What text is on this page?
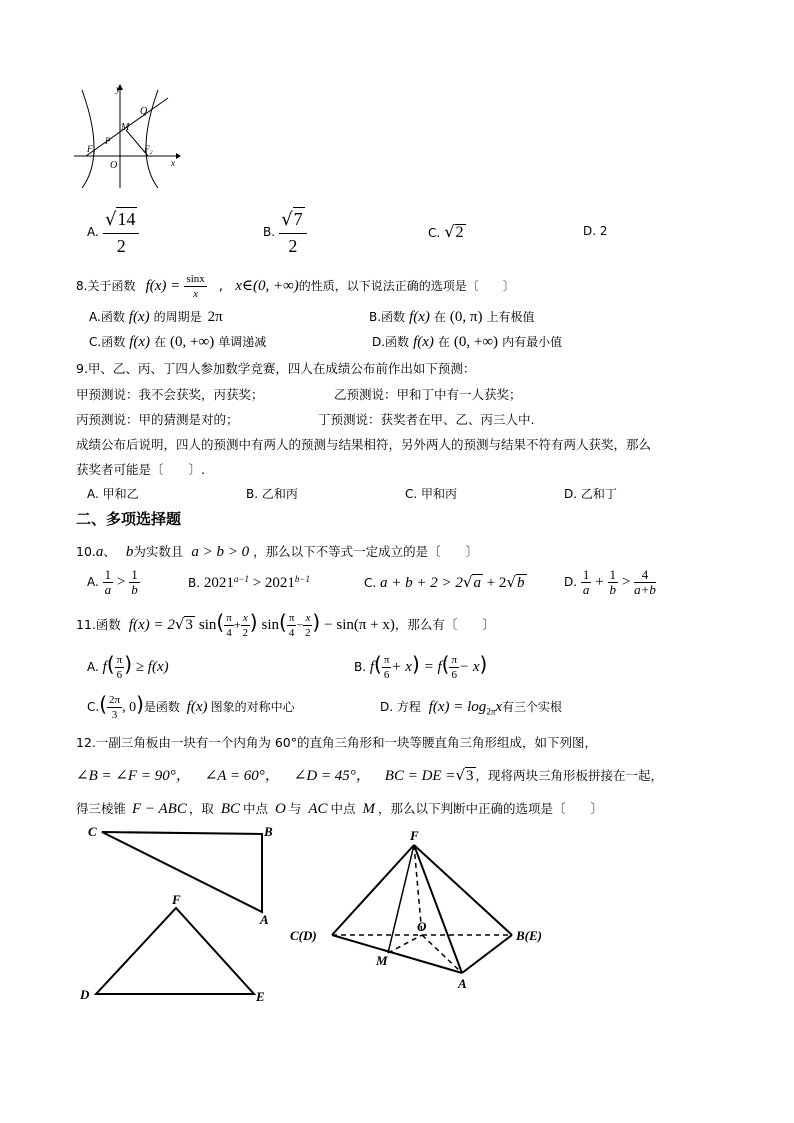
y
x
O
M
Q
P
F₁	F₂
A. $\frac{√14}{2}$	B. $\frac{√7}{2}$	C. √2	D. 2
8.关于函数 $f(x) = \frac{\sin x}{x}$ , x∈(0, +∞)的性质，以下说法正确的选项是〔　　〕
A.函数 f(x) 的周期是 2π	B.函数 f(x) 在 (0, π) 上有极值
C.函数 f(x) 在 (0, +∞) 单调递减	D.函数 f(x) 在 (0, +∞) 内有最小值
9.甲、乙、丙、丁四人参加数学竞赛，四人在成绩公布前作出如下预测：
甲预测说：我不会获奖，丙获奖；	乙预测说：甲和丁中有一人获奖；
丙预测说：甲的猜测是对的；	丁预测说：获奖者在甲、乙、丙三人中.
成绩公布后说明，四人的预测中有两人的预测与结果相符，另外两人的预测与结果不符有两人获奖，那么
获奖者可能是〔　　〕.
A. 甲和乙	B. 乙和丙	C. 甲和丙	D. 乙和丁
二、多项选择题
10.a、 b为实数且 a > b > 0 ，那么以下不等式一定成立的是〔　　〕
A. $\frac{1}{a} > \frac{1}{b}$	B. $2021^{a-1} > 2021^{b-1}$	C. a + b + 2 > 2√a + 2√b	D. $\frac{1}{a} + \frac{1}{b} > \frac{4}{a+b}$
11.函数 f(x) = 2√3 $\sin( \frac{\pi}{4} + \frac{x}{2}$ ) $\sin( \frac{\pi}{4} - \frac{x}{2}$ ) − sin(π + x)，那么有〔　　〕
A. $f( \frac{\pi}{6}$ ) ≥ f(x)	B. $f( \frac{\pi}{6} + x) = f( \frac{\pi}{6} - x)$
$C.( \frac{2\pi}{3}$ , 0)是函数 f(x) 图象的对称中心	D. 方程 $f(x) = \log_{2\pi}x$有三个实根
12.一副三角板由一块有一个内角为 60°的直角三角形和一块等腰直角三角形组成，如下列图，
∠B = ∠F = 90°， ∠A = 60°， ∠D = 45°， BC = DE =√3 ，现将两块三角形板拼接在一起，
得三棱锥 F − ABC ，取 BC 中点 O 与 AC 中点 M ，那么以下判断中正确的选项是〔　　〕
C	B
A
F
D	E
F
C(D)	B(E)
O
M
A
